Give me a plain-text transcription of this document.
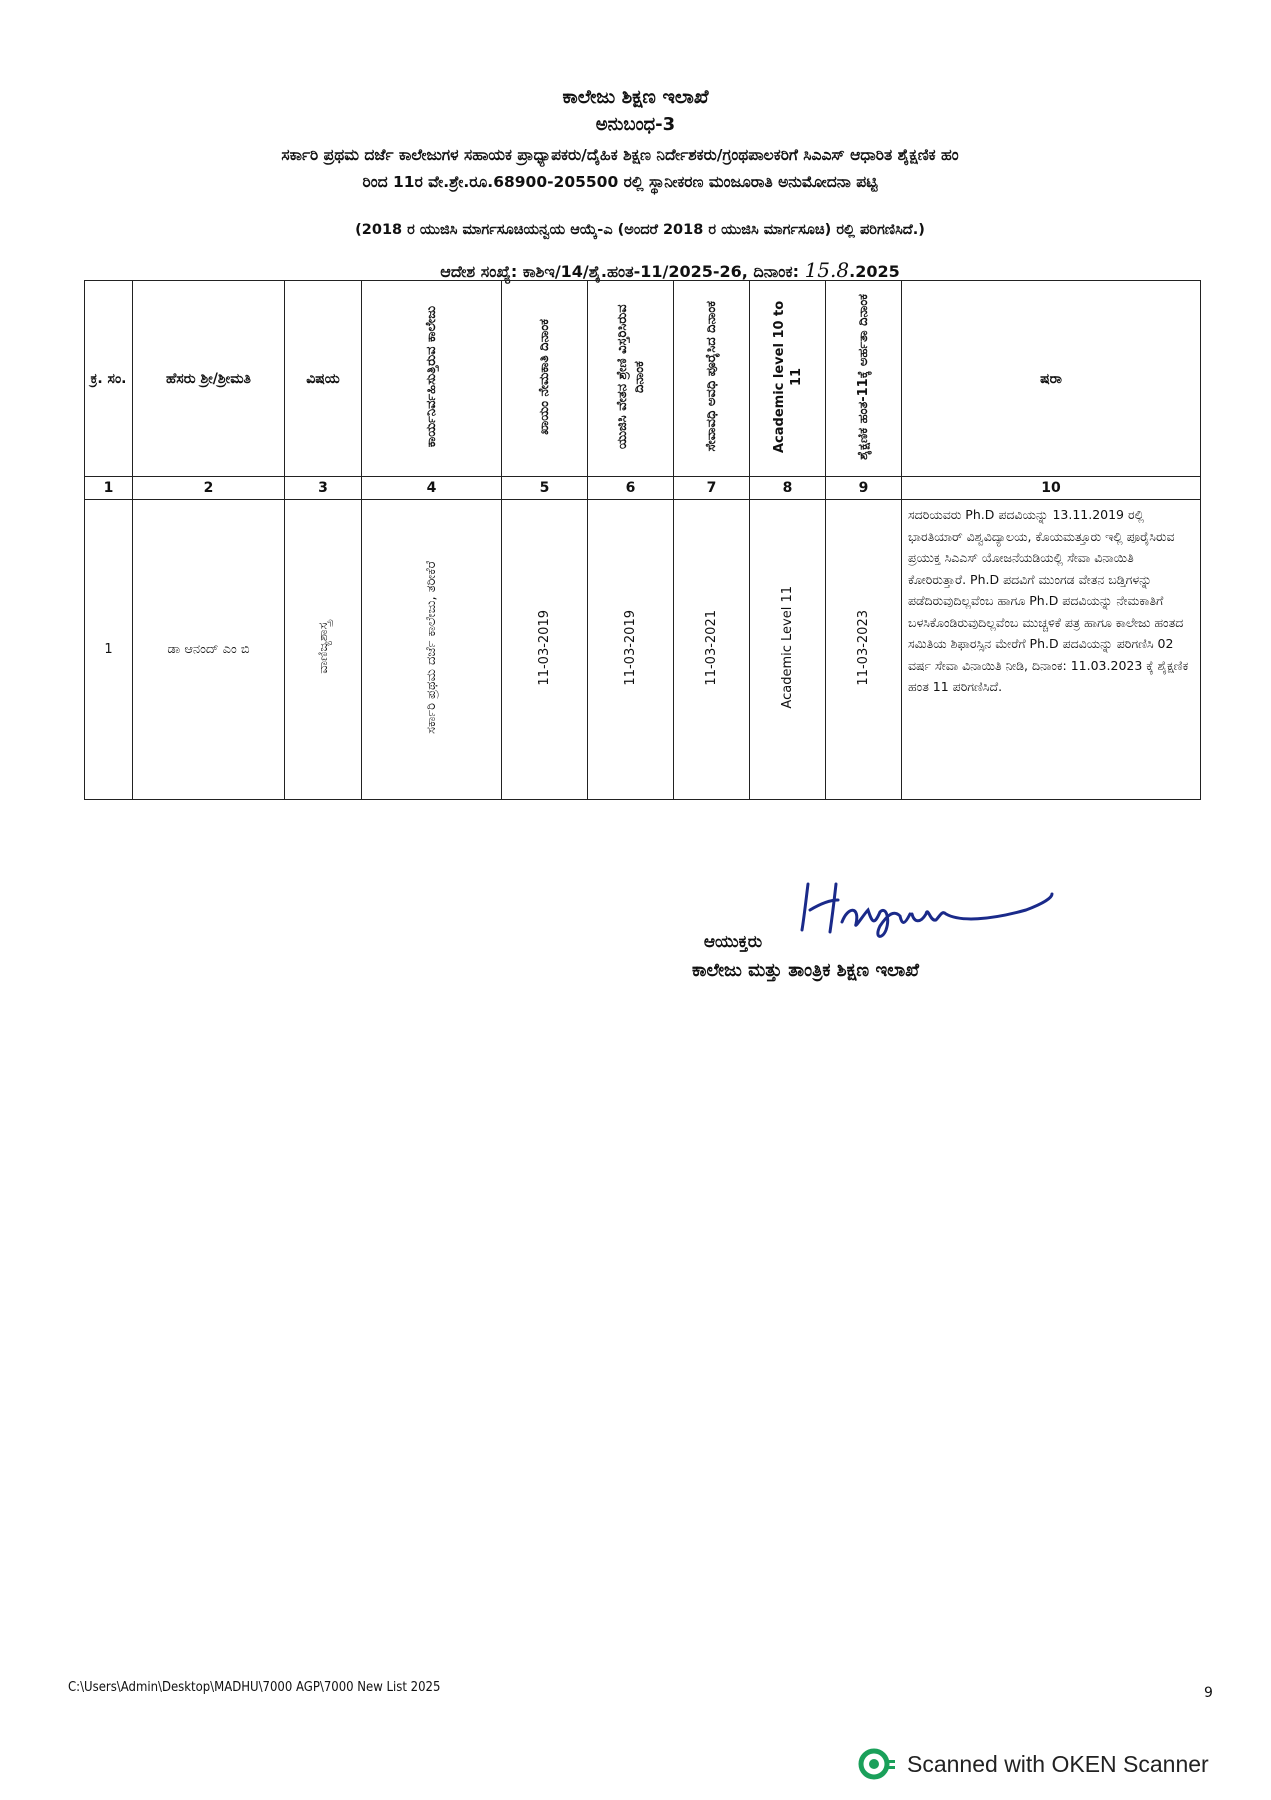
ಕಾಲೇಜು ಶಿಕ್ಷಣ ಇಲಾಖೆ
ಅನುಬಂಧ-3
ಸರ್ಕಾರಿ ಪ್ರಥಮ ದರ್ಜೆ ಕಾಲೇಜುಗಳ ಸಹಾಯಕ ಪ್ರಾಧ್ಯಾಪಕರು/ದೈಹಿಕ ಶಿಕ್ಷಣ ನಿರ್ದೇಶಕರು/ಗ್ರಂಥಪಾಲಕರಿಗೆ ಸಿಎಎಸ್ ಆಧಾರಿತ ಶೈಕ್ಷಣಿಕ ಹಂ
ರಿಂದ 11ರ ವೇ.ಶ್ರೇ.ರೂ.68900-205500 ರಲ್ಲಿ ಸ್ಥಾನೀಕರಣ ಮಂಜೂರಾತಿ ಅನುಮೋದನಾ ಪಟ್ಟಿ
(2018 ರ ಯುಜಿಸಿ ಮಾರ್ಗಸೂಚಿಯನ್ವಯ ಆಯ್ಕೆ-ಎ (ಅಂದರೆ 2018 ರ ಯುಜಿಸಿ ಮಾರ್ಗಸೂಚಿ) ರಲ್ಲಿ ಪರಿಗಣಿಸಿದೆ.)
ಆದೇಶ ಸಂಖ್ಯೆ: ಕಾಶಿಇ/14/ಶೈ.ಹಂತ-11/2025-26, ದಿನಾಂಕ: 15.8.2025
ಕ್ರ. ಸಂ.	ಹೆಸರು ಶ್ರೀ/ಶ್ರೀಮತಿ	ವಿಷಯ	ಕಾರ್ಯನಿರ್ವಹಿಸುತ್ತಿರುವ ಕಾಲೇಜು	ಖಾಯಂ ನೇಮಕಾತಿ ದಿನಾಂಕ	ಯುಜಿಸಿ ವೇತನ ಶ್ರೇಣಿ ವಿಸ್ತರಿಸಿರುವ ದಿನಾಂಕ	ಸೇವಾವಧಿ ಅವಧಿ ಪೂರೈಸಿದ ದಿನಾಂಕ	Academic level 10 to 11	ಶೈಕ್ಷಣಿಕ ಹಂತ-11ಕ್ಕೆ ಅರ್ಹತಾ ದಿನಾಂಕ	ಷರಾ
1	2	3	4	5	6	7	8	9	10
1	ಡಾ ಆನಂದ್ ಎಂ ಬಿ	ವಾಣಿಜ್ಯಶಾಸ್ತ್ರ	ಸರ್ಕಾರಿ ಪ್ರಥಮ ದರ್ಜೆ ಕಾಲೇಜು, ತರೀಕೆರೆ	11-03-2019	11-03-2019	11-03-2021	Academic Level 11	11-03-2023	ಸದರಿಯವರು Ph.D ಪದವಿಯನ್ನು 13.11.2019 ರಲ್ಲಿ ಭಾರತಿಯಾರ್ ವಿಶ್ವವಿದ್ಯಾಲಯ, ಕೊಯಮತ್ತೂರು ಇಲ್ಲಿ ಪೂರೈಸಿರುವ ಪ್ರಯುಕ್ತ ಸಿಎಎಸ್ ಯೋಜನೆಯಡಿಯಲ್ಲಿ ಸೇವಾ ವಿನಾಯಿತಿ ಕೋರಿರುತ್ತಾರೆ. Ph.D ಪದವಿಗೆ ಮುಂಗಡ ವೇತನ ಬಡ್ತಿಗಳನ್ನು ಪಡೆದಿರುವುದಿಲ್ಲವೆಂಬ ಹಾಗೂ Ph.D ಪದವಿಯನ್ನು ನೇಮಕಾತಿಗೆ ಬಳಸಿಕೊಂಡಿರುವುದಿಲ್ಲವೆಂಬ ಮುಚ್ಚಳಿಕೆ ಪತ್ರ ಹಾಗೂ ಕಾಲೇಜು ಹಂತದ ಸಮಿತಿಯ ಶಿಫಾರಸ್ಸಿನ ಮೇರೆಗೆ Ph.D ಪದವಿಯನ್ನು ಪರಿಗಣಿಸಿ 02 ವರ್ಷ ಸೇವಾ ವಿನಾಯಿತಿ ನೀಡಿ, ದಿನಾಂಕ: 11.03.2023 ಕ್ಕೆ ಶೈಕ್ಷಣಿಕ ಹಂತ 11 ಪರಿಗಣಿಸಿದೆ.
ಆಯುಕ್ತರು
ಕಾಲೇಜು ಮತ್ತು ತಾಂತ್ರಿಕ ಶಿಕ್ಷಣ ಇಲಾಖೆ
C:\Users\Admin\Desktop\MADHU\7000 AGP\7000 New List 2025	9
Scanned with OKEN Scanner
